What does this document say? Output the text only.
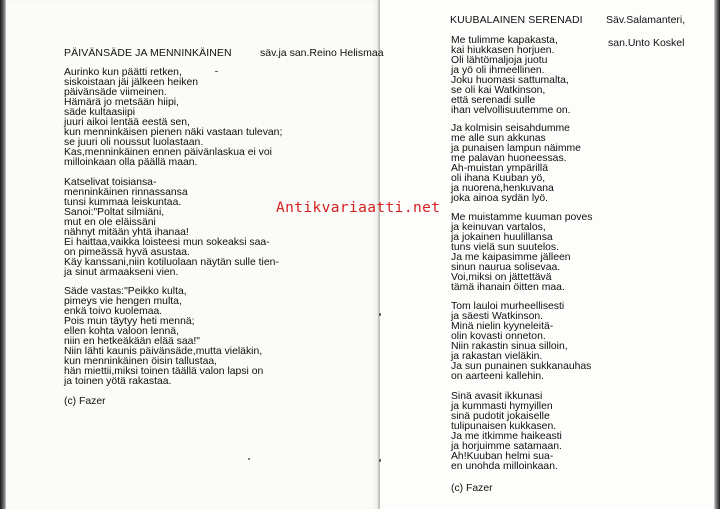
PÄIVÄNSÄDE JA MENNINKÄINEN	säv.ja san.Reino Helismaa

Aurinko kun päätti retken,
siskoistaan jäi jälkeen heiken
päivänsäde viimeinen.
Hämärä jo metsään hiipi,
säde kultaasiipi
juuri aikoi lentää eestä sen,
kun menninkäisen pienen näki vastaan tulevan;
se juuri oli noussut luolastaan.
Kas,menninkäinen ennen päivänlaskua ei voi
milloinkaan olla päällä maan.

Katselivat toisiansa-
menninkäinen rinnassansa
tunsi kummaa leiskuntaa.
Sanoi:"Poltat silmiäni,
mut en ole eläissäni
nähnyt mitään yhtä ihanaa!
Ei haittaa,vaikka loisteesi mun sokeaksi saa-
on pimeässä hyvä asustaa.
Käy kanssani,niin kotiluolaan näytän sulle tien-
ja sinut armaakseni vien.

Säde vastas:"Peikko kulta,
pimeys vie hengen multa,
enkä toivo kuolemaa.
Pois mun täytyy heti mennä;
ellen kohta valoon lennä,
niin en hetkeäkään elää saa!"
Niin lähti kaunis päivänsäde,mutta vieläkin,
kun menninkäinen öisin tallustaa,
hän miettii,miksi toinen täällä valon lapsi on
ja toinen yötä rakastaa.

(c) Fazer
KUUBALAINEN SERENADI Säv.Salamanteri,
san.Unto Koskel

Me tulimme kapakasta,
kai hiukkasen horjuen.
Oli lähtömaljoja juotu
ja yö oli ihmeellinen.
Joku huomasi sattumalta,
se oli kai Watkinson,
että serenadi sulle
ihan velvollisuutemme on.

Ja kolmisin seisahdumme
me alle sun akkunas
ja punaisen lampun näimme
me palavan huoneessas.
Ah-muistan ympärillä
oli ihana Kuuban yö,
ja nuorena,henkuvana
joka ainoa sydän lyö.

Me muistamme kuuman poves
ja keinuvan vartalos,
ja jokainen huulillansa
tuns vielä sun suutelos.
Ja me kaipasimme jälleen
sinun naurua solisevaa.
Voi,miksi on jättettävä
tämä ihanain öitten maa.

Tom lauloi murheellisesti
ja säesti Watkinson.
Minä nielin kyyneleitä-
olin kovasti onneton.
Niin rakastin sinua silloin,
ja rakastan vieläkin.
Ja sun punainen sukkanauhas
on aarteeni kallehin.

Sinä avasit ikkunasi
ja kummasti hymyillen
sinä pudotit jokaiselle
tulipunaisen kukkasen.
Ja me itkimme haikeasti
ja horjuimme satamaan.
Ah!Kuuban helmi sua-
en unohda milloinkaan.

(c) Fazer
Antikvariaatti.net
